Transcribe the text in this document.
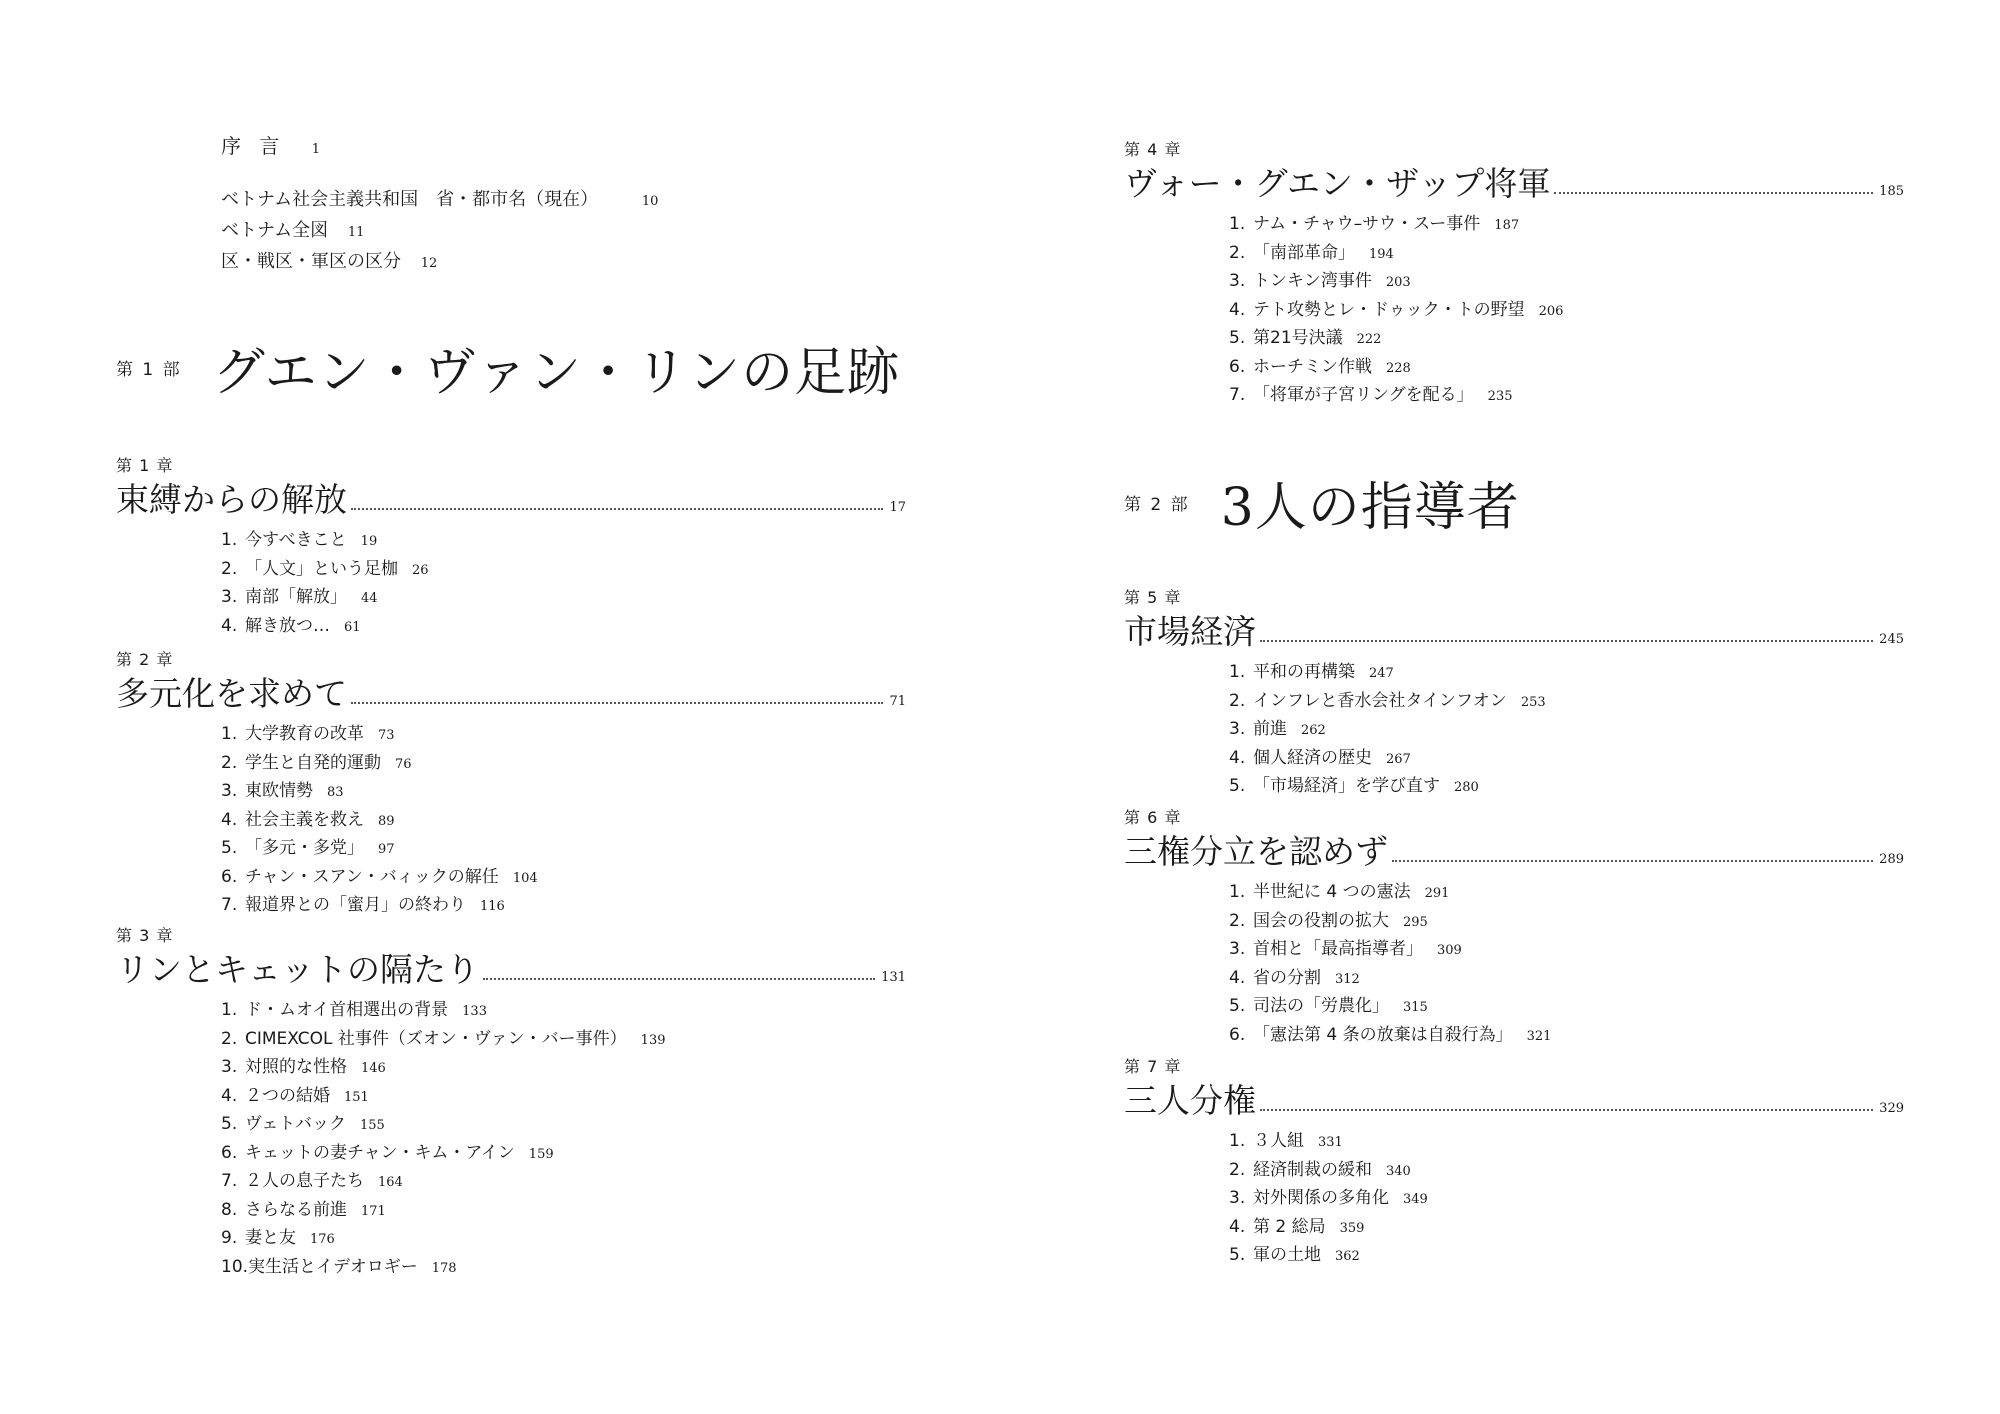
序 言 1
ベトナム社会主義共和国　省・都市名（現在）	10
ベトナム全図 11
区・戦区・軍区の区分 12
第 1 部 グエン・ヴァン・リンの足跡
第 1 章
束縛からの解放	17
1. 今すべきこと 19
2. 「人文」という足枷 26
3. 南部「解放」 44
4. 解き放つ… 61
第 2 章
多元化を求めて	71
1. 大学教育の改革 73
2. 学生と自発的運動 76
3. 東欧情勢 83
4. 社会主義を救え 89
5. 「多元・多党」 97
6. チャン・スアン・バィックの解任 104
7. 報道界との「蜜月」の終わり 116
第 3 章
リンとキェットの隔たり	131
1. ド・ムオイ首相選出の背景 133
2. CIMEXCOL 社事件（ズオン・ヴァン・バー事件） 139
3. 対照的な性格 146
4. ２つの結婚 151
5. ヴェトバック 155
6. キェットの妻チャン・キム・アイン 159
7. ２人の息子たち 164
8. さらなる前進 171
9. 妻と友 176
10.実生活とイデオロギー 178
第 4 章
ヴォー・グエン・ザップ将軍	185
1. ナム・チャウ–サウ・スー事件 187
2. 「南部革命」 194
3. トンキン湾事件 203
4. テト攻勢とレ・ドゥック・トの野望 206
5. 第21号決議 222
6. ホーチミン作戦 228
7. 「将軍が子宮リングを配る」 235
第 2 部 3人の指導者
第 5 章
市場経済	245
1. 平和の再構築 247
2. インフレと香水会社タインフオン 253
3. 前進 262
4. 個人経済の歴史 267
5. 「市場経済」を学び直す 280
第 6 章
三権分立を認めず	289
1. 半世紀に 4 つの憲法 291
2. 国会の役割の拡大 295
3. 首相と「最高指導者」 309
4. 省の分割 312
5. 司法の「労農化」 315
6. 「憲法第 4 条の放棄は自殺行為」 321
第 7 章
三人分権	329
1. ３人組 331
2. 経済制裁の緩和 340
3. 対外関係の多角化 349
4. 第 2 総局 359
5. 軍の土地 362
